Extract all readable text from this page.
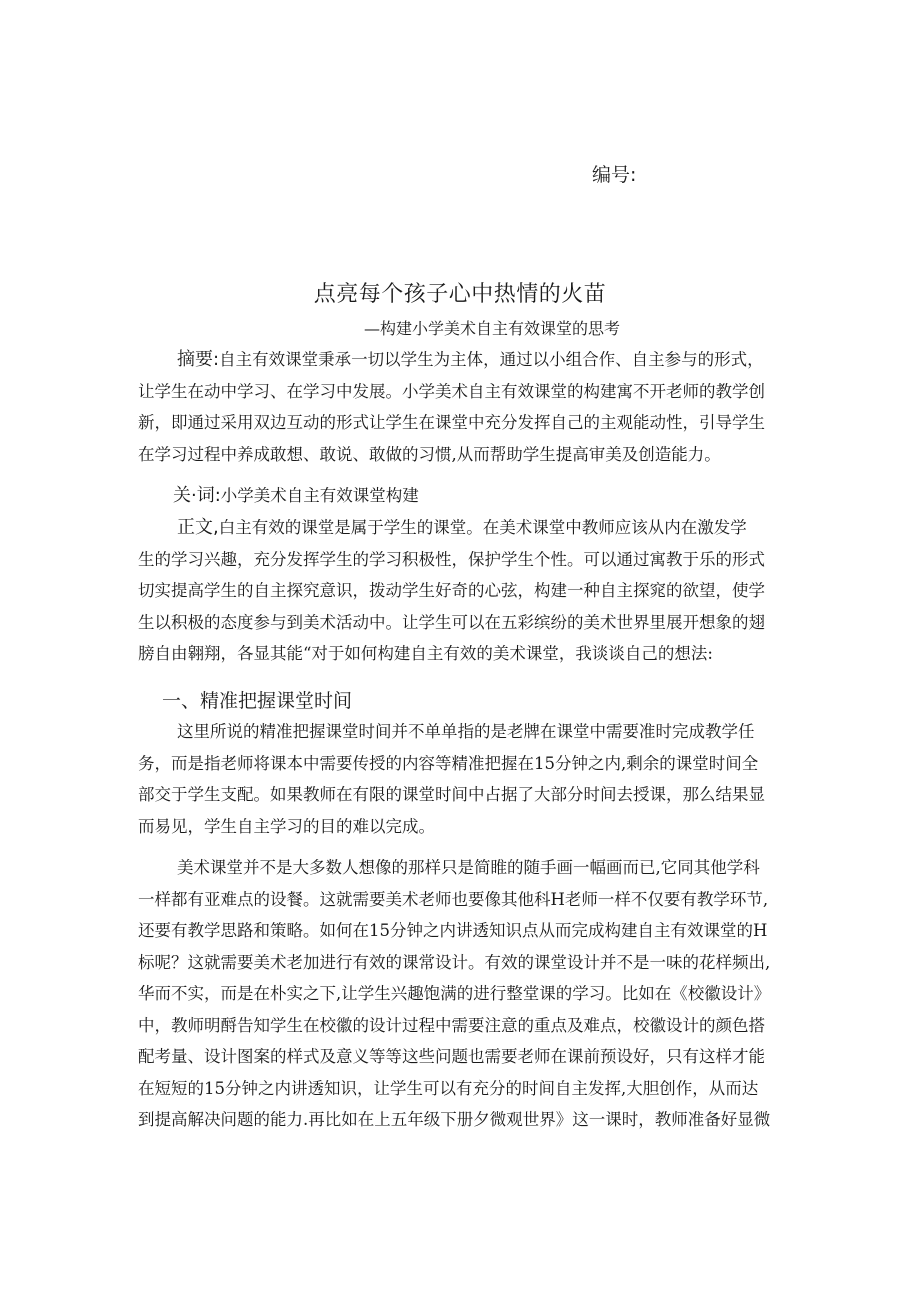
编号:
点亮每个孩子心中热情的火苗
—构建小学美术自主有效课堂的思考
摘要:自主有效课堂秉承一切以学生为主体，通过以小组合作、自主参与的形式，
让学生在动中学习、在学习中发展。小学美术自主有效课堂的构建寓不开老师的教学创
新，即通过采用双边互动的形式让学生在课堂中充分发挥自己的主观能动性，引导学生
在学习过程中养成敢想、敢说、敢做的习惯,从而帮助学生提高审美及创造能力。
关·词:小学美术自主有效课堂构建
正文,白主有效的课堂是属于学生的课堂。在美术课堂中教师应该从内在激发学
生的学习兴趣，充分发挥学生的学习积极性，保护学生个性。可以通过寓教于乐的形式
切实提高学生的自主探究意识，拨动学生好奇的心弦，构建一种自主探窕的欲望，使学
生以积极的态度参与到美术活动中。让学生可以在五彩缤纷的美术世界里展开想象的翅
膀自由翱翔，各显其能“对于如何构建自主有效的美术课堂，我谈谈自己的想法:
一、精准把握课堂时间
这里所说的精准把握课堂时间并不单单指的是老牌在课堂中需要准时完成教学任
务，而是指老师将课本中需要传授的内容等精准把握在15分钟之内,剩余的课堂时间全
部交于学生支配。如果教师在有限的课堂时间中占据了大部分时间去授课，那么结果显
而易见，学生自主学习的目的难以完成。
美术课堂并不是大多数人想像的那样只是简睢的随手画一幅画而已,它同其他学科
一样都有亚难点的设餐。这就需要美术老师也要像其他科H老师一样不仅要有教学环节,
还要有教学思路和策略。如何在15分钟之内讲透知识点从而完成构建自主有效课堂的H
标呢？这就需要美术老加进行有效的课常设计。有效的课堂设计并不是一味的花样频出,
华而不实，而是在朴实之下,让学生兴趣饱满的进行整堂课的学习。比如在《校徽设计》
中，教师明酹告知学生在校徽的设计过程中需要注意的重点及难点，校徽设计的颜色搭
配考量、设计图案的样式及意义等等这些问题也需要老师在课前预设好，只有这样才能
在短短的15分钟之内讲透知识，让学生可以有充分的时间自主发挥,大胆创作，从而达
到提高解决问题的能力.再比如在上五年级下册夕微观世界》这一课时，教师准备好显微
